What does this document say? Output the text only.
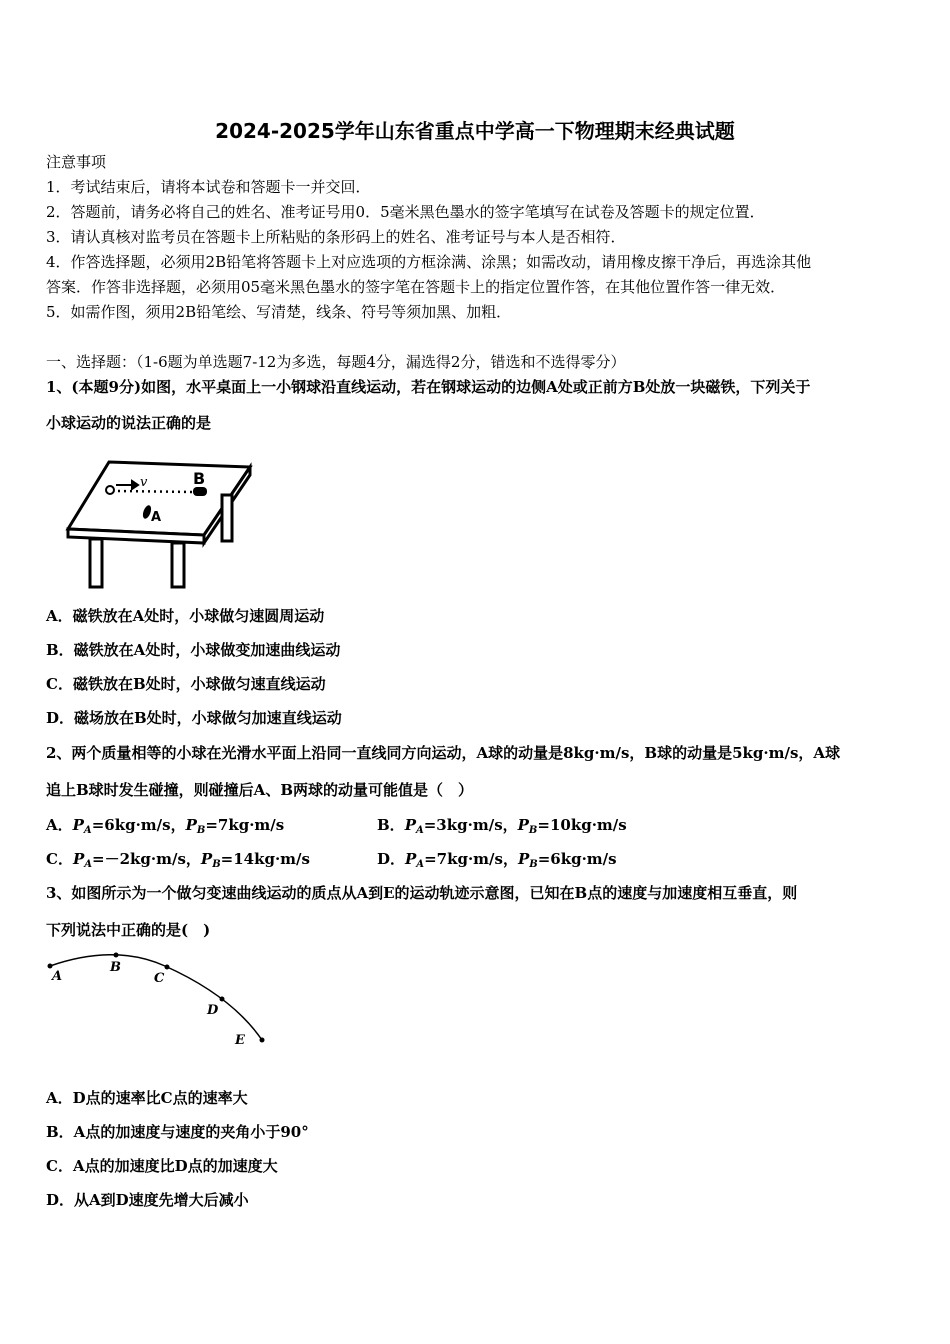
2024-2025学年山东省重点中学高一下物理期末经典试题
注意事项
1．考试结束后，请将本试卷和答题卡一并交回．
2．答题前，请务必将自己的姓名、准考证号用0．5毫米黑色墨水的签字笔填写在试卷及答题卡的规定位置．
3．请认真核对监考员在答题卡上所粘贴的条形码上的姓名、准考证号与本人是否相符．
4．作答选择题，必须用2B铅笔将答题卡上对应选项的方框涂满、涂黑；如需改动，请用橡皮擦干净后，再选涂其他
答案．作答非选择题，必须用05毫米黑色墨水的签字笔在答题卡上的指定位置作答，在其他位置作答一律无效．
5．如需作图，须用2B铅笔绘、写清楚，线条、符号等须加黑、加粗．
一、选择题：（1-6题为单选题7-12为多选，每题4分，漏选得2分，错选和不选得零分）
1、(本题9分)如图，水平桌面上一小钢球沿直线运动，若在钢球运动的边侧A处或正前方B处放一块磁铁，下列关于
小球运动的说法正确的是
v	B
A
A．磁铁放在A处时，小球做匀速圆周运动
B．磁铁放在A处时，小球做变加速曲线运动
C．磁铁放在B处时，小球做匀速直线运动
D．磁场放在B处时，小球做匀加速直线运动
2、两个质量相等的小球在光滑水平面上沿同一直线同方向运动，A球的动量是8kg·m/s，B球的动量是5kg·m/s，A球
追上B球时发生碰撞，则碰撞后A、B两球的动量可能值是（　）
A．$P_A=6kg\cdot m/s$，$P_B=7kg\cdot m/s$	B．$P_A=3kg\cdot m/s$，$P_B=10kg\cdot m/s$
C．$P_A=-2kg\cdot m/s$，$P_B=14kg\cdot m/s$	D．$P_A=7kg\cdot m/s$，$P_B=6kg\cdot m/s$
3、如图所示为一个做匀变速曲线运动的质点从A到E的运动轨迹示意图，已知在B点的速度与加速度相互垂直，则
下列说法中正确的是(　)
A
B
C
D
E
A．D点的速率比C点的速率大
B．A点的加速度与速度的夹角小于90°
C．A点的加速度比D点的加速度大
D．从A到D速度先增大后减小
